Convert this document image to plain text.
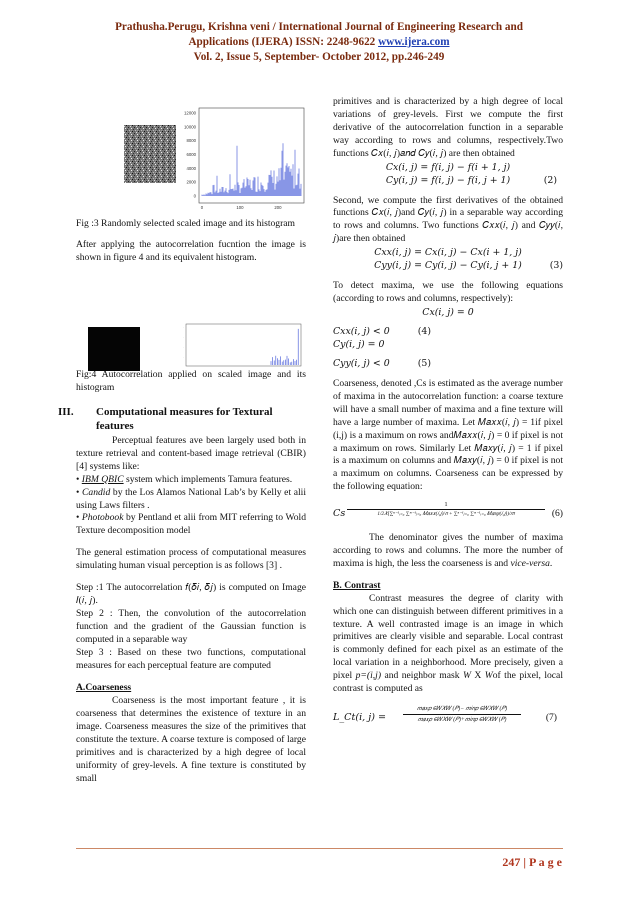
Prathusha.Perugu, Krishna veni / International Journal of Engineering Research and
Applications (IJERA) ISSN: 2248-9622 www.ijera.com
Vol. 2, Issue 5, September- October 2012, pp.246-249
12000
10000
8000
6000
4000
2000
0
0	100	200
·
·
·
·

Fig :3 Randomly selected scaled image and its histogram

After applying the autocorrelation fucntion the image is shown in figure 4 and its equivalent histogram.

Fig:4 Autocorrelation applied on scaled image and its histogram

III.	Computational measures for Textural features

Perceptual features ave been largely used both in texture retrieval and content-based image retrieval (CBIR)[4] systems like:

• IBM QBIC system which implements Tamura features.

• Candid by the Los Alamos National Lab’s by Kelly et alii using Laws filters .

• Photobook by Pentland et alii from MIT referring to Wold Texture decomposition model

The general estimation process of computational measures simulating human visual perception is as follows [3] .

Step :1 The autocorrelation 𝑓(𝛿𝑖, 𝛿𝑗) is computed on Image 𝐼(𝑖, 𝑗).

Step 2 : Then, the convolution of the autocorrelation function and the gradient of the Gaussian function is computed in a separable way

Step 3 : Based on these two functions, computational measures for each perceptual feature are computed

A.Coarseness

Coarseness is the most important feature , it is coarseness that determines the existence of texture in an image. Coarseness measures the size of the primitives that constitute the texture. A coarse texture is composed of large primitives and is characterized by a high degree of local uniformity of grey-levels. A fine texture is constituted by small

primitives and is characterized by a high degree of local variations of grey-levels. First we compute the first derivative of the autocorrelation function in a separable way according to rows and columns, respectively.Two functions 𝐶𝑥(𝑖, 𝑗)𝑎𝑛𝑑 𝐶𝑦(𝑖, 𝑗) are then obtained

𝐶𝑥(𝑖, 𝑗) = 𝑓(𝑖, 𝑗) − 𝑓(𝑖 + 1, 𝑗)
𝐶𝑦(𝑖, 𝑗) = 𝑓(𝑖, 𝑗) − 𝑓(𝑖, 𝑗 + 1)	(2)

Second, we compute the first derivatives of the obtained functions 𝐶𝑥(𝑖, 𝑗)and 𝐶𝑦(𝑖, 𝑗) in a separable way according to rows and columns. Two functions 𝐶𝑥𝑥(𝑖, 𝑗) and 𝐶𝑦𝑦(𝑖, 𝑗)are then obtained

𝐶𝑥𝑥(𝑖, 𝑗) = 𝐶𝑥(𝑖, 𝑗) − 𝐶𝑥(𝑖 + 1, 𝑗)
𝐶𝑦𝑦(𝑖, 𝑗) = 𝐶𝑦(𝑖, 𝑗) − 𝐶𝑦(𝑖, 𝑗 + 1)	(3)

To detect maxima, we use the following equations (according to rows and columns, respectively):

𝐶𝑥(𝑖, 𝑗) = 0
𝐶𝑥𝑥(𝑖, 𝑗) < 0	(4)
𝐶𝑦(𝑖, 𝑗) = 0
𝐶𝑦𝑦(𝑖, 𝑗) < 0	(5)

Coarseness, denoted ,Cs is estimated as the average number of maxima in the autocorrelation function: a coarse texture will have a small number of maxima and a fine texture will have a large number of maxima. Let 𝑀𝑎𝑥𝑥(𝑖, 𝑗) = 1if pixel (i,j) is a maximum on rows and𝑀𝑎𝑥𝑥(𝑖, 𝑗) = 0 if pixel is not a maximum on rows. Similarly Let 𝑀𝑎𝑥𝑦(𝑖, 𝑗) = 1 if pixel is a maximum on columns and 𝑀𝑎𝑥𝑦(𝑖, 𝑗) = 0 if pixel is not a maximum on columns. Coarseness can be expressed by the following equation:

𝐶𝑠
1
1/2𝑋(∑ⁿ⁻¹ᵢ₌₀ ∑ᵐ⁻¹ⱼ₌₀ 𝑀𝑎𝑥𝑥(𝑖,𝑗)/𝑛 + ∑ⁿ⁻¹ⱼ₌₀ ∑ᵐ⁻¹ᵢ₌₀ 𝑀𝑎𝑥𝑦(𝑖,𝑗))/𝑚	(6)

The denominator gives the number of maxima according to rows and columns. The more the number of maxima is high, the less the coarseness is and vice-versa.

B. Contrast

Contrast measures the degree of clarity with which one can distinguish between different primitives in a texture. A well contrasted image is an image in which primitives are clearly visible and separable. Local contrast is commonly defined for each pixel as an estimate of the local variation in a neighborhood. More precisely, given a pixel p=(i,j) and neighbor mask W X Wof the pixel, local contrast is computed as

𝐿_𝐶𝑡(𝑖, 𝑗) =
𝑚𝑎𝑥𝑝 ∈𝑊𝑋𝑊 (𝑃)− 𝑚𝑖𝑛𝑝 ∈𝑊𝑋𝑊 (𝑃)
𝑚𝑎𝑥𝑝 ∈𝑊𝑋𝑊 (𝑃)+𝑚𝑖𝑛𝑝 ∈𝑊𝑋𝑊 (𝑃)	(7)
247 | P a g e
